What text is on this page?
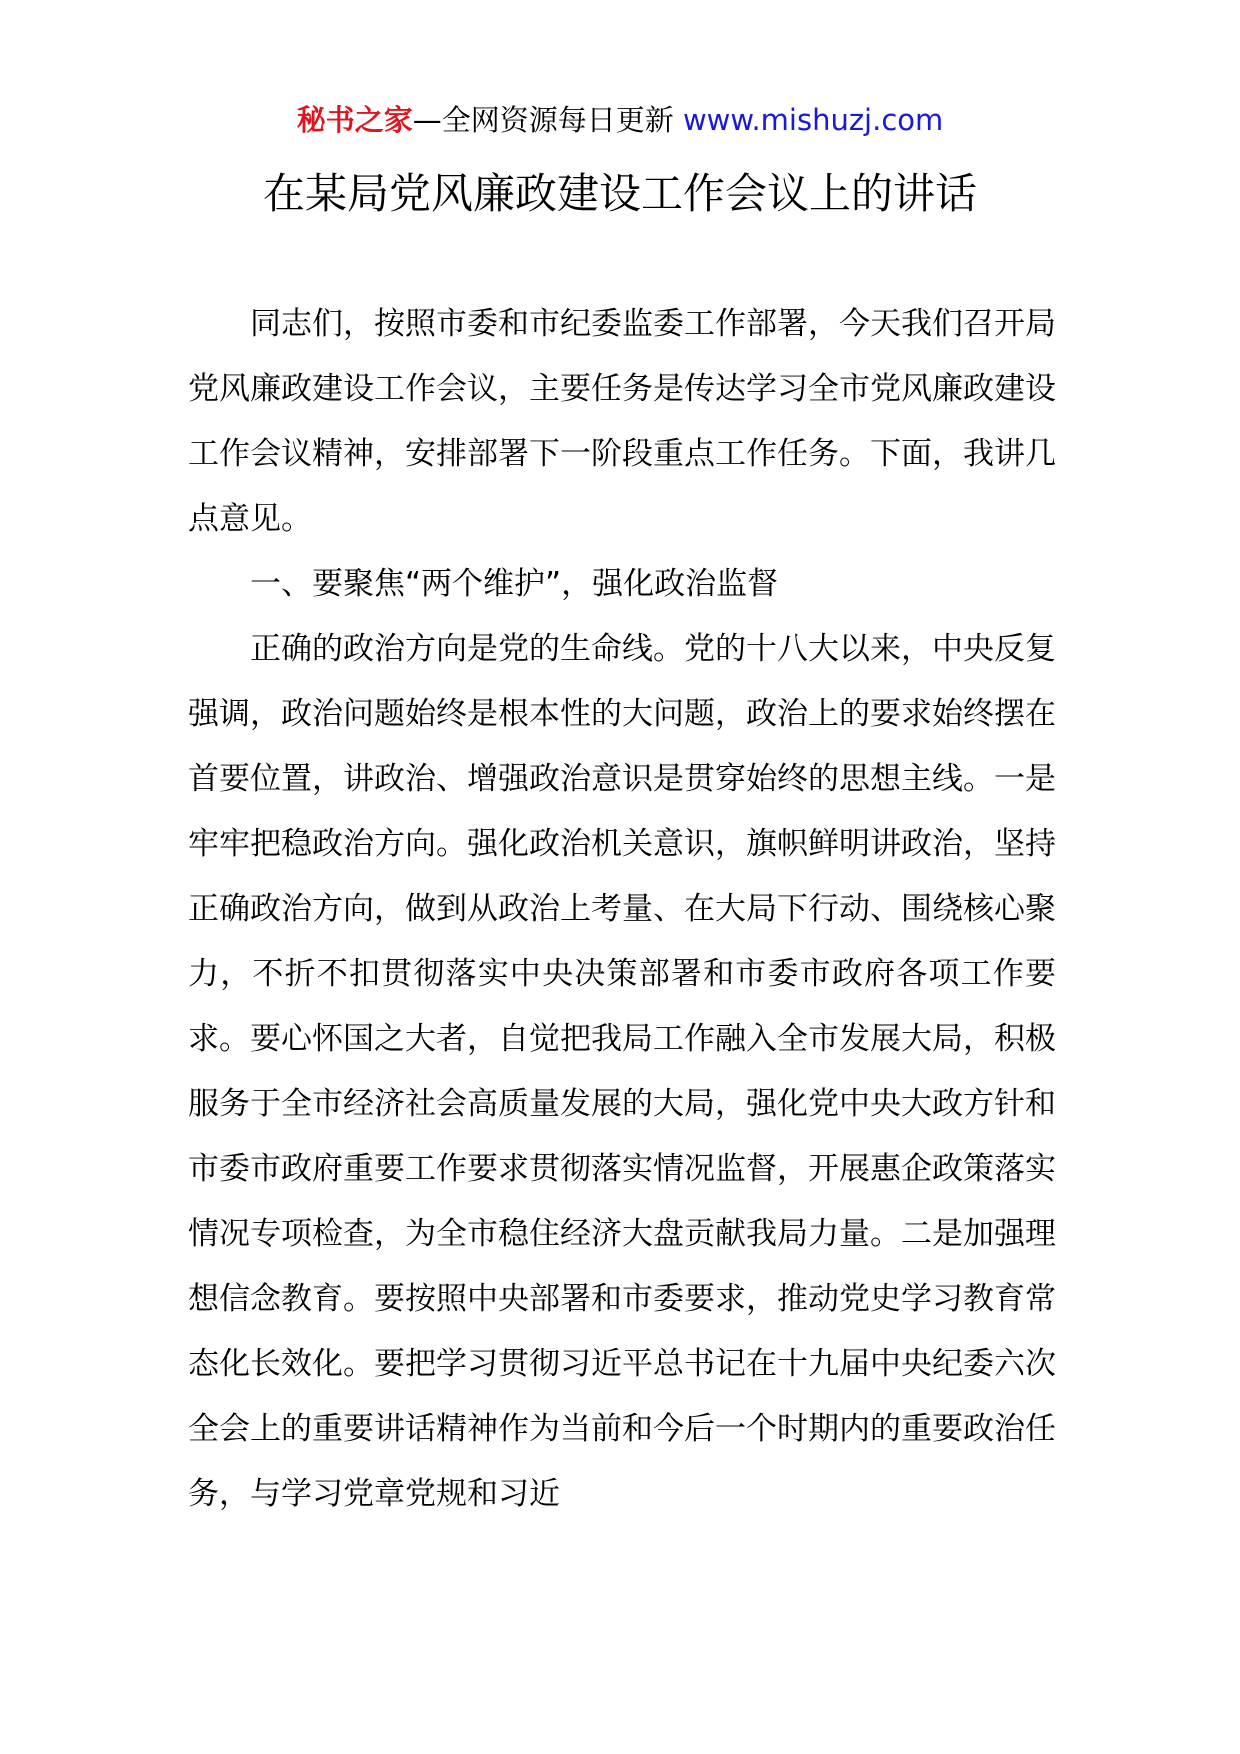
秘书之家—全网资源每日更新 www.mishuzj.com
在某局党风廉政建设工作会议上的讲话

同志们，按照市委和市纪委监委工作部署，今天我们召开局党风廉政建设工作会议，主要任务是传达学习全市党风廉政建设工作会议精神，安排部署下一阶段重点工作任务。下面，我讲几点意见。

一、要聚焦“两个维护”，强化政治监督

正确的政治方向是党的生命线。党的十八大以来，中央反复强调，政治问题始终是根本性的大问题，政治上的要求始终摆在首要位置，讲政治、增强政治意识是贯穿始终的思想主线。一是牢牢把稳政治方向。强化政治机关意识，旗帜鲜明讲政治，坚持正确政治方向，做到从政治上考量、在大局下行动、围绕核心聚力，不折不扣贯彻落实中央决策部署和市委市政府各项工作要求。要心怀国之大者，自觉把我局工作融入全市发展大局，积极服务于全市经济社会高质量发展的大局，强化党中央大政方针和市委市政府重要工作要求贯彻落实情况监督，开展惠企政策落实情况专项检查，为全市稳住经济大盘贡献我局力量。二是加强理想信念教育。要按照中央部署和市委要求，推动党史学习教育常态化长效化。要把学习贯彻习近平总书记在十九届中央纪委六次全会上的重要讲话精神作为当前和今后一个时期内的重要政治任务，与学习党章党规和习近
